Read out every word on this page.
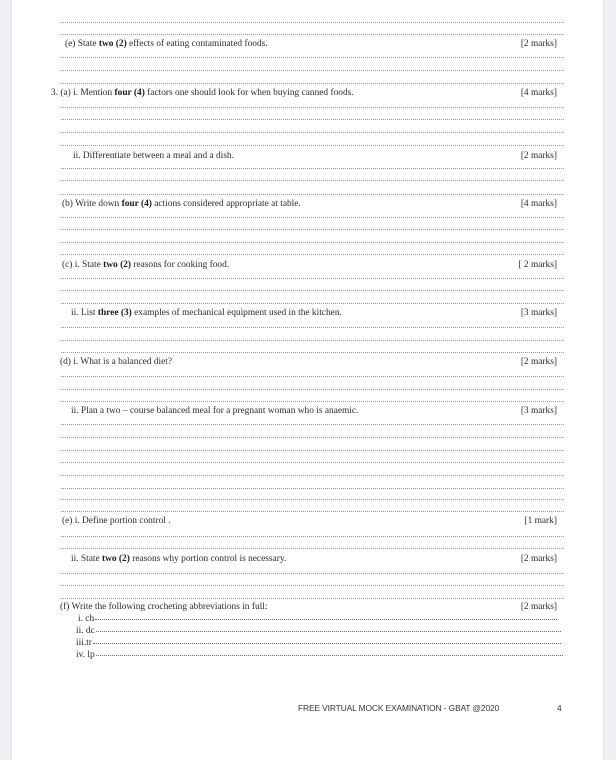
(e) State two (2) effects of eating contaminated foods.	[2 marks]
3. (a) i. Mention four (4) factors one should look for when buying canned foods.	[4 marks]
ii. Differentiate between a meal and a dish.	[2 marks]
(b) Write down four (4) actions considered appropriate at table.	[4 marks]
(c) i. State two (2) reasons for cooking food.	[ 2 marks]
ii. List three (3) examples of mechanical equipment used in the kitchen.	[3 marks]
(d) i. What is a balanced diet?	[2 marks]
ii. Plan a two – course balanced meal for a pregnant woman who is anaemic.	[3 marks]
(e) i. Define portion control .	[1 mark]
ii. State two (2) reasons why portion control is necessary.	[2 marks]
(f) Write the following crocheting abbreviations in full:	[2 marks]
i. ch
ii. dc
iii.tr
iv. lp
FREE VIRTUAL MOCK EXAMINATION - GBAT @2020	4
